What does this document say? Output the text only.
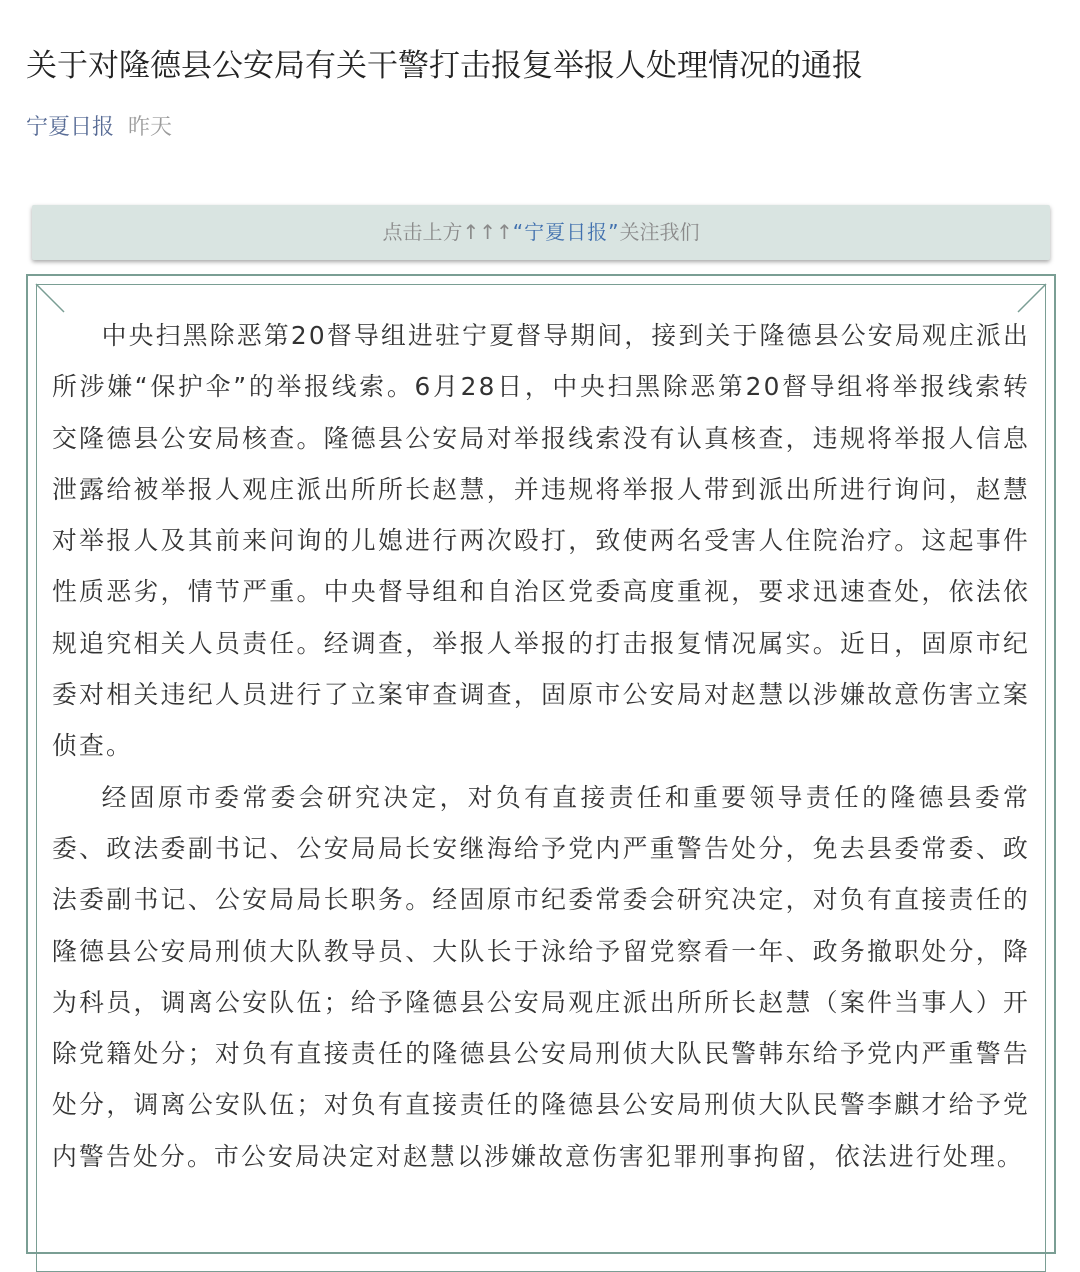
关于对隆德县公安局有关干警打击报复举报人处理情况的通报
宁夏日报 昨天
点击上方↑↑↑“宁夏日报”关注我们

中央扫黑除恶第20督导组进驻宁夏督导期间，接到关于隆德县公安局观庄派出所涉嫌“保护伞”的举报线索。6月28日，中央扫黑除恶第20督导组将举报线索转交隆德县公安局核查。隆德县公安局对举报线索没有认真核查，违规将举报人信息泄露给被举报人观庄派出所所长赵慧，并违规将举报人带到派出所进行询问，赵慧对举报人及其前来问询的儿媳进行两次殴打，致使两名受害人住院治疗。这起事件性质恶劣，情节严重。中央督导组和自治区党委高度重视，要求迅速查处，依法依规追究相关人员责任。经调查，举报人举报的打击报复情况属实。近日，固原市纪委对相关违纪人员进行了立案审查调查，固原市公安局对赵慧以涉嫌故意伤害立案侦查。

经固原市委常委会研究决定，对负有直接责任和重要领导责任的隆德县委常委、政法委副书记、公安局局长安继海给予党内严重警告处分，免去县委常委、政法委副书记、公安局局长职务。经固原市纪委常委会研究决定，对负有直接责任的隆德县公安局刑侦大队教导员、大队长于泳给予留党察看一年、政务撤职处分，降为科员，调离公安队伍；给予隆德县公安局观庄派出所所长赵慧（案件当事人）开除党籍处分；对负有直接责任的隆德县公安局刑侦大队民警韩东给予党内严重警告处分，调离公安队伍；对负有直接责任的隆德县公安局刑侦大队民警李麒才给予党内警告处分。市公安局决定对赵慧以涉嫌故意伤害犯罪刑事拘留，依法进行处理。
